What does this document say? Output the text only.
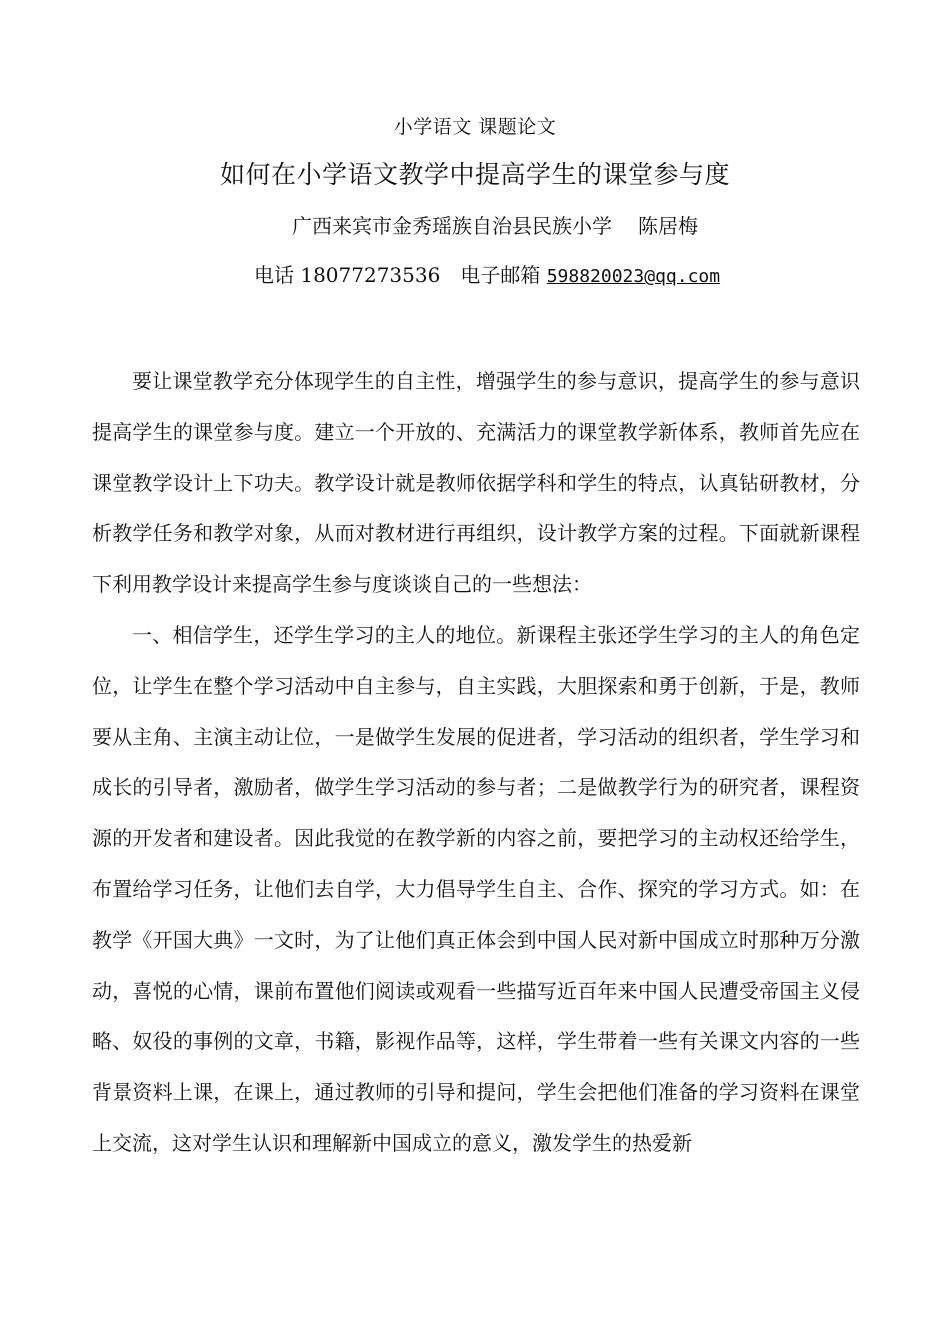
小学语文 课题论文
如何在小学语文教学中提高学生的课堂参与度
广西来宾市金秀瑶族自治县民族小学 陈居梅
电话 18077273536 电子邮箱 598820023@qq.com

要让课堂教学充分体现学生的自主性，增强学生的参与意识，提高学生的参与意识提高学生的课堂参与度。建立一个开放的、充满活力的课堂教学新体系，教师首先应在课堂教学设计上下功夫。教学设计就是教师依据学科和学生的特点，认真钻研教材，分析教学任务和教学对象，从而对教材进行再组织，设计教学方案的过程。下面就新课程下利用教学设计来提高学生参与度谈谈自己的一些想法：

一、相信学生，还学生学习的主人的地位。新课程主张还学生学习的主人的角色定位，让学生在整个学习活动中自主参与，自主实践，大胆探索和勇于创新，于是，教师要从主角、主演主动让位，一是做学生发展的促进者，学习活动的组织者，学生学习和成长的引导者，激励者，做学生学习活动的参与者；二是做教学行为的研究者，课程资源的开发者和建设者。因此我觉的在教学新的内容之前，要把学习的主动权还给学生，布置给学习任务，让他们去自学，大力倡导学生自主、合作、探究的学习方式。如：在教学《开国大典》一文时，为了让他们真正体会到中国人民对新中国成立时那种万分激动，喜悦的心情，课前布置他们阅读或观看一些描写近百年来中国人民遭受帝国主义侵略、奴役的事例的文章，书籍，影视作品等，这样，学生带着一些有关课文内容的一些背景资料上课，在课上，通过教师的引导和提问，学生会把他们准备的学习资料在课堂上交流，这对学生认识和理解新中国成立的意义，激发学生的热爱新
